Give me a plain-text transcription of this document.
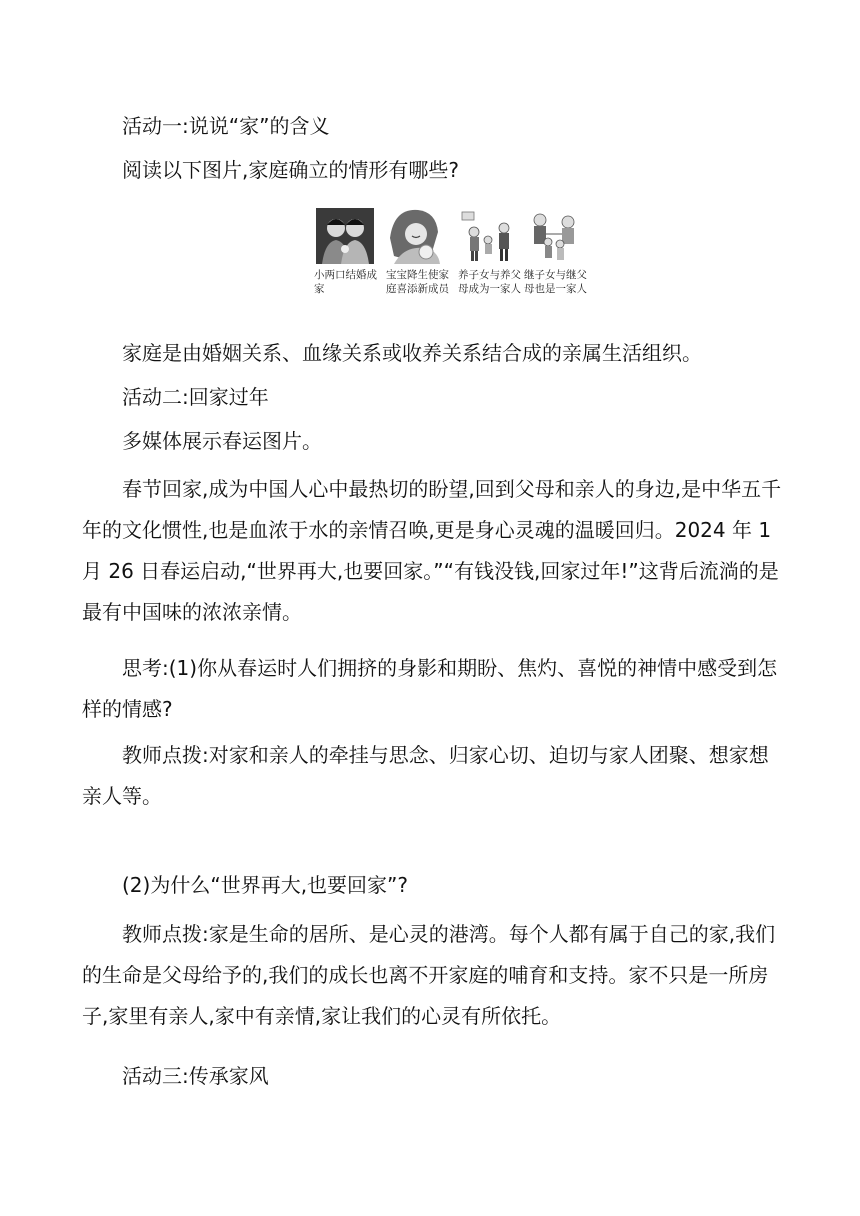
活动一:说说“家”的含义

阅读以下图片,家庭确立的情形有哪些?

小两口结婚成家
宝宝降生使家庭喜添新成员
养子女与养父母成为一家人
继子女与继父母也是一家人

家庭是由婚姻关系、血缘关系或收养关系结合成的亲属生活组织。

活动二:回家过年

多媒体展示春运图片。

春节回家,成为中国人心中最热切的盼望,回到父母和亲人的身边,是中华五千年的文化惯性,也是血浓于水的亲情召唤,更是身心灵魂的温暖回归。2024 年 1 月 26 日春运启动,“世界再大,也要回家。”“有钱没钱,回家过年!”这背后流淌的是最有中国味的浓浓亲情。

思考:(1)你从春运时人们拥挤的身影和期盼、焦灼、喜悦的神情中感受到怎样的情感?

教师点拨:对家和亲人的牵挂与思念、归家心切、迫切与家人团聚、想家想亲人等。

(2)为什么“世界再大,也要回家”?

教师点拨:家是生命的居所、是心灵的港湾。每个人都有属于自己的家,我们的生命是父母给予的,我们的成长也离不开家庭的哺育和支持。家不只是一所房子,家里有亲人,家中有亲情,家让我们的心灵有所依托。

活动三:传承家风
